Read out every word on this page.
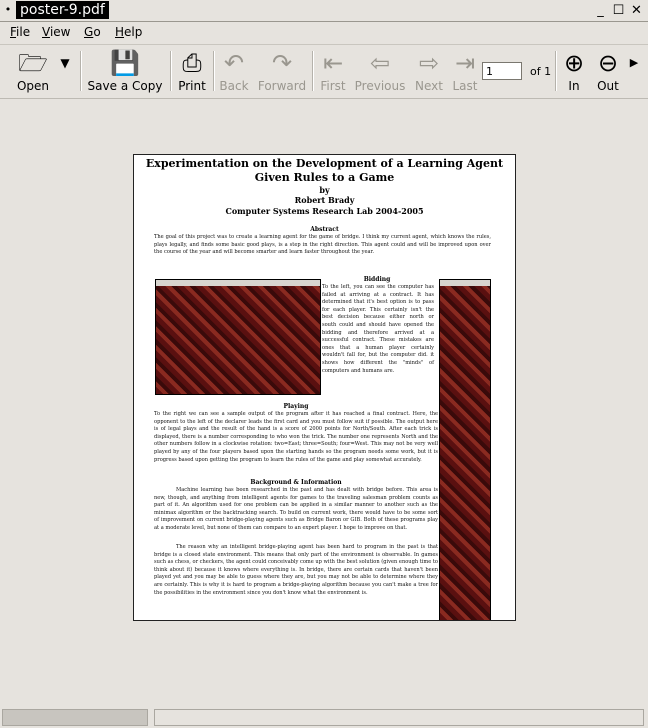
• poster-9.pdf	_ ☐ ✕
File View Go Help
🗁
Open
▼	💾
Save a Copy
⎙
Print
↶
Back
↷
Forward
⇤
First
⇦
Previous
⇨
Next
⇥
Last
⊕
In
⊖
Out
▶
1	of 1
Experimentation on the Development of a Learning Agent
Given Rules to a Game
by
Robert Brady
Computer Systems Research Lab 2004-2005
Abstract
The goal of this project was to create a learning agent for the game of bridge. I think my current agent, which knows the rules, plays legally, and finds some basic good plays, is a step in the right direction. This agent could and will be improved upon over the course of the year and will become smarter and learn faster throughout the year.
Bidding
To the left, you can see the computer has failed at arriving at a contract. It has determined that it's best option is to pass for each player. This certainly isn't the best decision because either north or south could and should have opened the bidding and therefore arrived at a successful contract. These mistakes are ones that a human player certainly wouldn't fall for, but the computer did. it shows how different the "minds" of computers and humans are.
Playing
To the right we can see a sample output of the program after it has reached a final contract. Here, the opponent to the left of the declarer leads the first card and you must follow suit if possible. The output here is of legal plays and the result of the hand is a score of 2000 points for North/South. After each trick is displayed, there is a number corresponding to who won the trick. The number one represents North and the other numbers follow in a clockwise rotation: two=East; three=South; four=West. This may not be very well played by any of the four players based upon the starting hands so the program needs some work, but it is progress based upon getting the program to learn the rules of the game and play somewhat accurately.
Background & Information
Machine learning has been researched in the past and has dealt with bridge before. This area is new, though, and anything from intelligent agents for games to the traveling salesman problem counts as part of it. An algorithm used for one problem can be applied in a similar manner to another such as the minimax algorithm or the backtracking search. To build on current work, there would have to be some sort of improvement on current bridge-playing agents such as Bridge Baron or GIB. Both of these programs play at a moderate level, but none of them can compare to an expert player. I hope to improve on that.
The reason why an intelligent bridge-playing agent has been hard to program in the past is that bridge is a closed state environment. This means that only part of the environment is observable. In games such as chess, or checkers, the agent could conceivably come up with the best solution (given enough time to think about it) because it knows where everything is. In bridge, there are certain cards that haven't been played yet and you may be able to guess where they are, but you may not be able to determine where they are certainly. This is why it is hard to program a bridge-playing algorithm because you can't make a tree for the possibilities in the environment since you don't know what the environment is.
